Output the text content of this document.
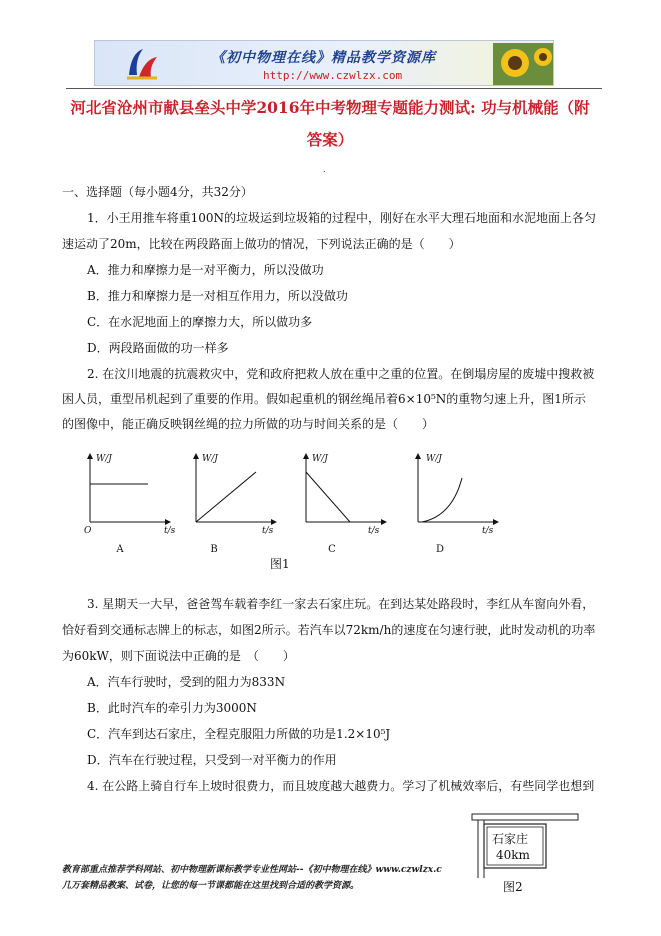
《初中物理在线》精品教学资源库
http://www.czwlzx.com
河北省沧州市献县垒头中学2016年中考物理专题能力测试: 功与机械能（附
答案）
.
一、选择题（每小题4分，共32分）
1．小王用推车将重100N的垃圾运到垃圾箱的过程中，刚好在水平大理石地面和水泥地面上各匀
速运动了20m，比较在两段路面上做功的情况，下列说法正确的是（　　）
A．推力和摩擦力是一对平衡力，所以没做功
B．推力和摩擦力是一对相互作用力，所以没做功
C．在水泥地面上的摩擦力大，所以做功多
D．两段路面做的功一样多
2. 在汶川地震的抗震救灾中，党和政府把救人放在重中之重的位置。在倒塌房屋的废墟中搜救被
困人员，重型吊机起到了重要的作用。假如起重机的钢丝绳吊着6×10⁵N的重物匀速上升，图1所示
的图像中，能正确反映钢丝绳的拉力所做的功与时间关系的是（　　）
W/J
t/s
O
A
W/J
t/s
B
W/J
t/s
C
W/J
t/s
D
图1
3. 星期天一大早，爸爸驾车载着李红一家去石家庄玩。在到达某处路段时，李红从车窗向外看，
恰好看到交通标志牌上的标志，如图2所示。若汽车以72km/h的速度在匀速行驶，此时发动机的功率
为60kW，则下面说法中正确的是　（　　）
A．汽车行驶时，受到的阻力为833N
B．此时汽车的牵引力为3000N
C．汽车到达石家庄，全程克服阻力所做的功是1.2×10⁵J
D．汽车在行驶过程，只受到一对平衡力的作用
4. 在公路上骑自行车上坡时很费力，而且坡度越大越费力。学习了机械效率后，有些同学也想到
石家庄
40km
图2
教育部重点推荐学科网站、初中物理新课标教学专业性网站--《初中物理在线》www.czwlzx.c
几万套精品教案、试卷，让您的每一节课都能在这里找到合适的教学资源。
